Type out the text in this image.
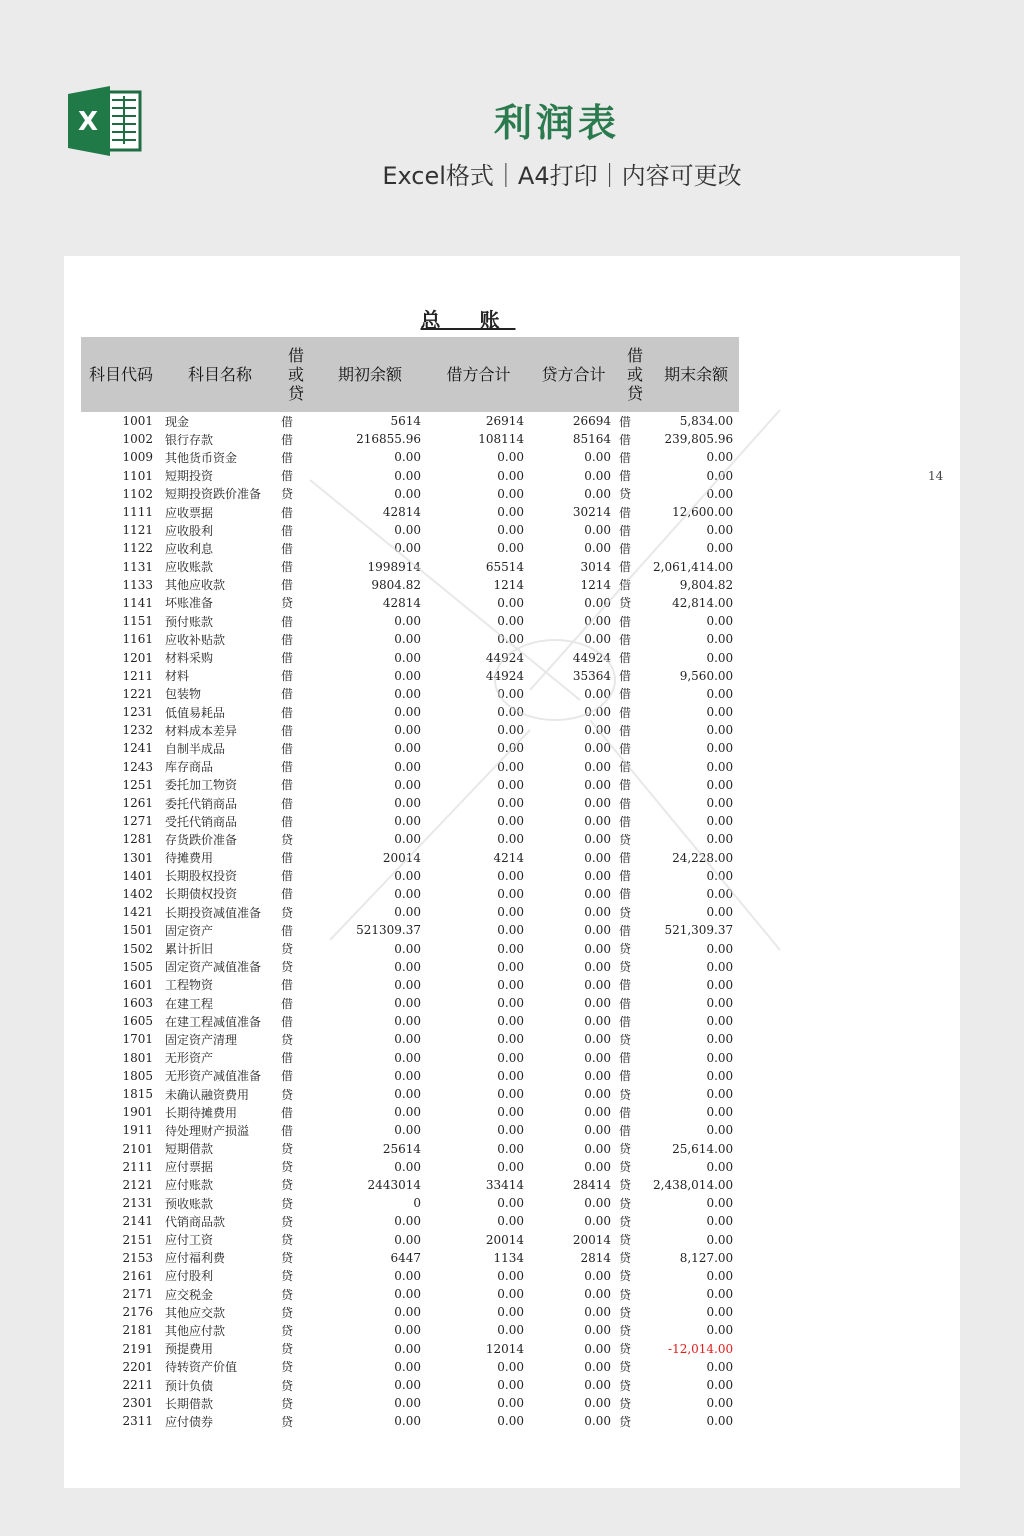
X	利润表
Excel格式｜A4打印｜内容可更改
总 账
14
科目代码	科目名称	借或贷	期初余额	借方合计	贷方合计	借或贷	期末余额
1001	现金	借	5614	26914	26694	借	5,834.00
1002	银行存款	借	216855.96	108114	85164	借	239,805.96
1009	其他货币资金	借	0.00	0.00	0.00	借	0.00
1101	短期投资	借	0.00	0.00	0.00	借	0.00
1102	短期投资跌价准备	贷	0.00	0.00	0.00	贷	0.00
1111	应收票据	借	42814	0.00	30214	借	12,600.00
1121	应收股利	借	0.00	0.00	0.00	借	0.00
1122	应收利息	借	0.00	0.00	0.00	借	0.00
1131	应收账款	借	1998914	65514	3014	借	2,061,414.00
1133	其他应收款	借	9804.82	1214	1214	借	9,804.82
1141	坏账准备	贷	42814	0.00	0.00	贷	42,814.00
1151	预付账款	借	0.00	0.00	0.00	借	0.00
1161	应收补贴款	借	0.00	0.00	0.00	借	0.00
1201	材料采购	借	0.00	44924	44924	借	0.00
1211	材料	借	0.00	44924	35364	借	9,560.00
1221	包装物	借	0.00	0.00	0.00	借	0.00
1231	低值易耗品	借	0.00	0.00	0.00	借	0.00
1232	材料成本差异	借	0.00	0.00	0.00	借	0.00
1241	自制半成品	借	0.00	0.00	0.00	借	0.00
1243	库存商品	借	0.00	0.00	0.00	借	0.00
1251	委托加工物资	借	0.00	0.00	0.00	借	0.00
1261	委托代销商品	借	0.00	0.00	0.00	借	0.00
1271	受托代销商品	借	0.00	0.00	0.00	借	0.00
1281	存货跌价准备	贷	0.00	0.00	0.00	贷	0.00
1301	待摊费用	借	20014	4214	0.00	借	24,228.00
1401	长期股权投资	借	0.00	0.00	0.00	借	0.00
1402	长期债权投资	借	0.00	0.00	0.00	借	0.00
1421	长期投资减值准备	贷	0.00	0.00	0.00	贷	0.00
1501	固定资产	借	521309.37	0.00	0.00	借	521,309.37
1502	累计折旧	贷	0.00	0.00	0.00	贷	0.00
1505	固定资产减值准备	贷	0.00	0.00	0.00	贷	0.00
1601	工程物资	借	0.00	0.00	0.00	借	0.00
1603	在建工程	借	0.00	0.00	0.00	借	0.00
1605	在建工程减值准备	借	0.00	0.00	0.00	借	0.00
1701	固定资产清理	贷	0.00	0.00	0.00	贷	0.00
1801	无形资产	借	0.00	0.00	0.00	借	0.00
1805	无形资产减值准备	借	0.00	0.00	0.00	借	0.00
1815	未确认融资费用	贷	0.00	0.00	0.00	贷	0.00
1901	长期待摊费用	借	0.00	0.00	0.00	借	0.00
1911	待处理财产损溢	借	0.00	0.00	0.00	借	0.00
2101	短期借款	贷	25614	0.00	0.00	贷	25,614.00
2111	应付票据	贷	0.00	0.00	0.00	贷	0.00
2121	应付账款	贷	2443014	33414	28414	贷	2,438,014.00
2131	预收账款	贷	0	0.00	0.00	贷	0.00
2141	代销商品款	贷	0.00	0.00	0.00	贷	0.00
2151	应付工资	贷	0.00	20014	20014	贷	0.00
2153	应付福利费	贷	6447	1134	2814	贷	8,127.00
2161	应付股利	贷	0.00	0.00	0.00	贷	0.00
2171	应交税金	贷	0.00	0.00	0.00	贷	0.00
2176	其他应交款	贷	0.00	0.00	0.00	贷	0.00
2181	其他应付款	贷	0.00	0.00	0.00	贷	0.00
2191	预提费用	贷	0.00	12014	0.00	贷	-12,014.00
2201	待转资产价值	贷	0.00	0.00	0.00	贷	0.00
2211	预计负债	贷	0.00	0.00	0.00	贷	0.00
2301	长期借款	贷	0.00	0.00	0.00	贷	0.00
2311	应付债券	贷	0.00	0.00	0.00	贷	0.00
